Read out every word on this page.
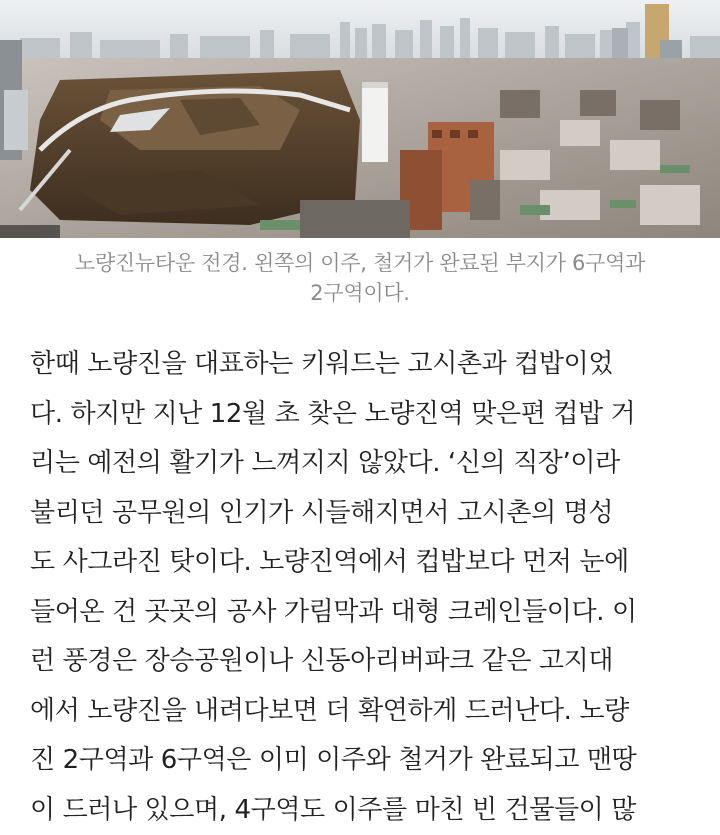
노량진뉴타운 전경. 왼쪽의 이주, 철거가 완료된 부지가 6구역과
2구역이다.
한때 노량진을 대표하는 키워드는 고시촌과 컵밥이었
다. 하지만 지난 12월 초 찾은 노량진역 맞은편 컵밥 거
리는 예전의 활기가 느껴지지 않았다. ‘신의 직장’이라
불리던 공무원의 인기가 시들해지면서 고시촌의 명성
도 사그라진 탓이다. 노량진역에서 컵밥보다 먼저 눈에
들어온 건 곳곳의 공사 가림막과 대형 크레인들이다. 이
런 풍경은 장승공원이나 신동아리버파크 같은 고지대
에서 노량진을 내려다보면 더 확연하게 드러난다. 노량
진 2구역과 6구역은 이미 이주와 철거가 완료되고 맨땅
이 드러나 있으며, 4구역도 이주를 마친 빈 건물들이 많
